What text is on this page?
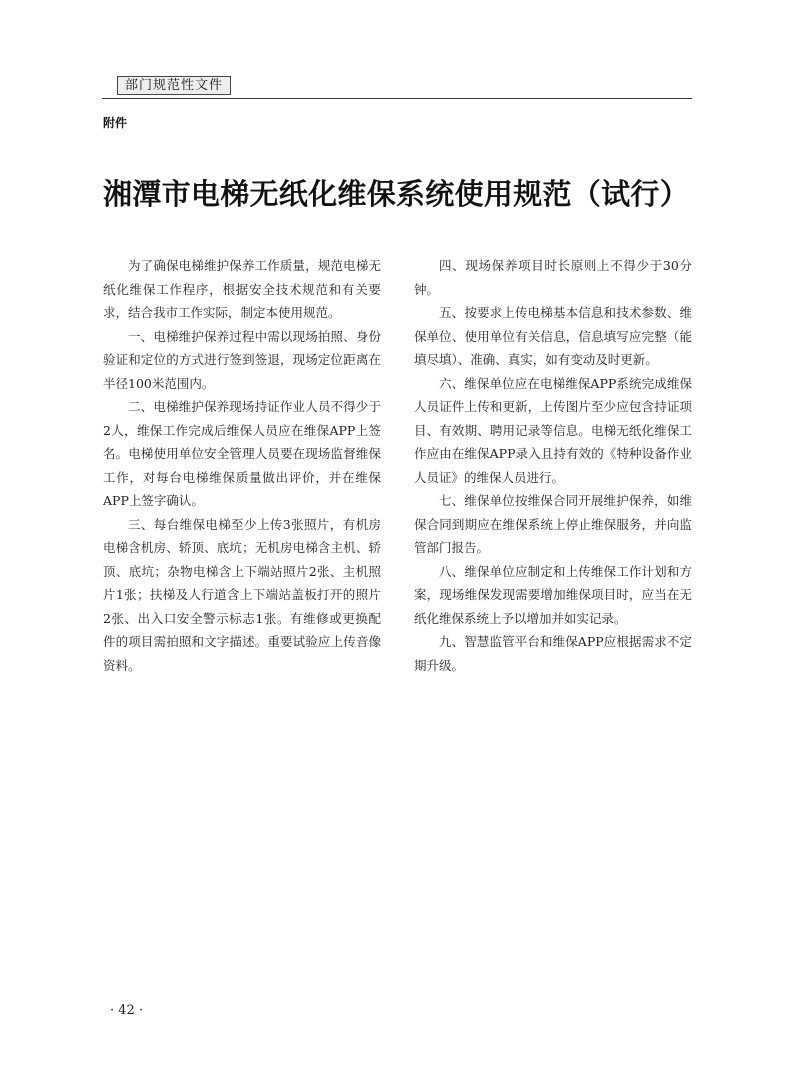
部门规范性文件
附件
湘潭市电梯无纸化维保系统使用规范（试行）

为了确保电梯维护保养工作质量，规范电梯无纸化维保工作程序，根据安全技术规范和有关要求，结合我市工作实际，制定本使用规范。

一、电梯维护保养过程中需以现场拍照、身份验证和定位的方式进行签到签退，现场定位距离在半径100米范围内。

二、电梯维护保养现场持证作业人员不得少于2人，维保工作完成后维保人员应在维保APP上签名。电梯使用单位安全管理人员要在现场监督维保工作，对每台电梯维保质量做出评价，并在维保APP上签字确认。

三、每台维保电梯至少上传3张照片，有机房电梯含机房、轿顶、底坑；无机房电梯含主机、轿顶、底坑；杂物电梯含上下端站照片2张、主机照片1张；扶梯及人行道含上下端站盖板打开的照片2张、出入口安全警示标志1张。有维修或更换配件的项目需拍照和文字描述。重要试验应上传音像资料。

四、现场保养项目时长原则上不得少于30分钟。

五、按要求上传电梯基本信息和技术参数、维保单位、使用单位有关信息，信息填写应完整（能填尽填）、准确、真实，如有变动及时更新。

六、维保单位应在电梯维保APP系统完成维保人员证件上传和更新，上传图片至少应包含持证项目、有效期、聘用记录等信息。电梯无纸化维保工作应由在维保APP录入且持有效的《特种设备作业人员证》的维保人员进行。

七、维保单位按维保合同开展维护保养，如维保合同到期应在维保系统上停止维保服务，并向监管部门报告。

八、维保单位应制定和上传维保工作计划和方案，现场维保发现需要增加维保项目时，应当在无纸化维保系统上予以增加并如实记录。

九、智慧监管平台和维保APP应根据需求不定期升级。

· 42 ·
